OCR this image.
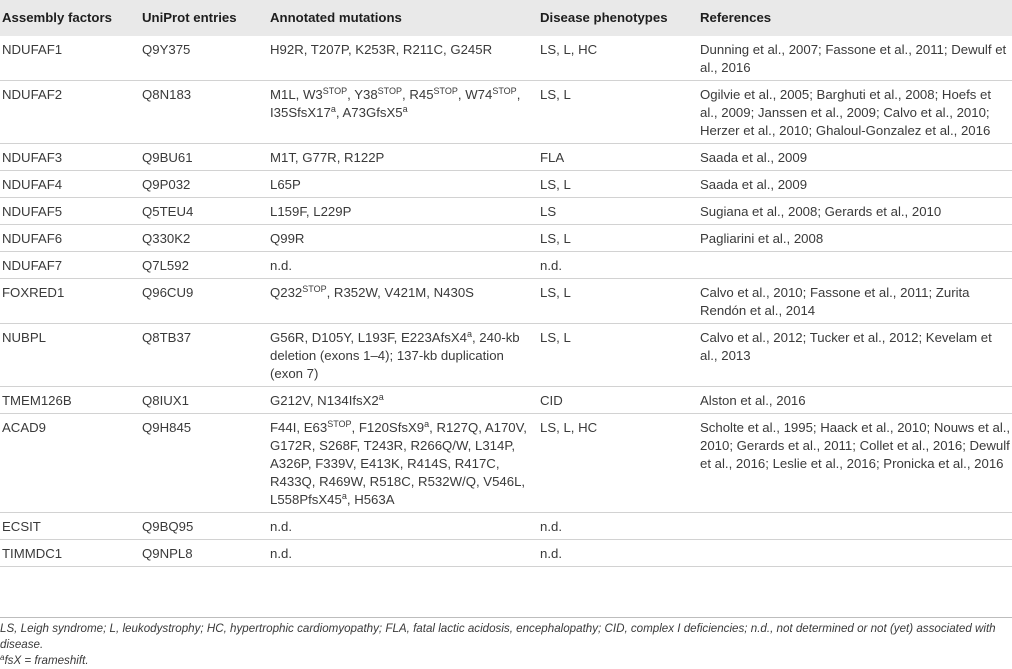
Assembly factors	UniProt entries	Annotated mutations	Disease phenotypes	References
NDUFAF1	Q9Y375	H92R, T207P, K253R, R211C, G245R	LS, L, HC	Dunning et al., 2007; Fassone et al., 2011; Dewulf et al., 2016
NDUFAF2	Q8N183	M1L, $W3^{STOP}$, $Y38^{STOP}$, $R45^{STOP}$, $W74^{STOP}$, I35SfsX17$^a$, A73GfsX5$^a$	LS, L	Ogilvie et al., 2005; Barghuti et al., 2008; Hoefs et al., 2009; Janssen et al., 2009; Calvo et al., 2010; Herzer et al., 2010; Ghaloul-Gonzalez et al., 2016
NDUFAF3	Q9BU61	M1T, G77R, R122P	FLA	Saada et al., 2009
NDUFAF4	Q9P032	L65P	LS, L	Saada et al., 2009
NDUFAF5	Q5TEU4	L159F, L229P	LS	Sugiana et al., 2008; Gerards et al., 2010
NDUFAF6	Q330K2	Q99R	LS, L	Pagliarini et al., 2008
NDUFAF7	Q7L592	n.d.	n.d.	
FOXRED1	Q96CU9	$Q232^{STOP}$, R352W, V421M, N430S	LS, L	Calvo et al., 2010; Fassone et al., 2011; Zurita Rendón et al., 2014
NUBPL	Q8TB37	G56R, D105Y, L193F, E223AfsX4$^a$, 240-kb deletion (exons 1–4); 137-kb duplication (exon 7)	LS, L	Calvo et al., 2012; Tucker et al., 2012; Kevelam et al., 2013
TMEM126B	Q8IUX1	G212V, N134IfsX2$^a$	CID	Alston et al., 2016
ACAD9	Q9H845	F44I, $E63^{STOP}$, F120SfsX9$^a$, R127Q, A170V, G172R, S268F, T243R, R266Q/W, L314P, A326P, F339V, E413K, R414S, R417C, R433Q, R469W, R518C, R532W/Q, V546L, L558PfsX45$^a$, H563A	LS, L, HC	Scholte et al., 1995; Haack et al., 2010; Nouws et al., 2010; Gerards et al., 2011; Collet et al., 2016; Dewulf et al., 2016; Leslie et al., 2016; Pronicka et al., 2016
ECSIT	Q9BQ95	n.d.	n.d.	
TIMMDC1	Q9NPL8	n.d.	n.d.	

LS, Leigh syndrome; L, leukodystrophy; HC, hypertrophic cardiomyopathy; FLA, fatal lactic acidosis, encephalopathy; CID, complex I deficiencies; n.d., not determined or not (yet) associated with disease.

$^a$fsX = frameshift.
